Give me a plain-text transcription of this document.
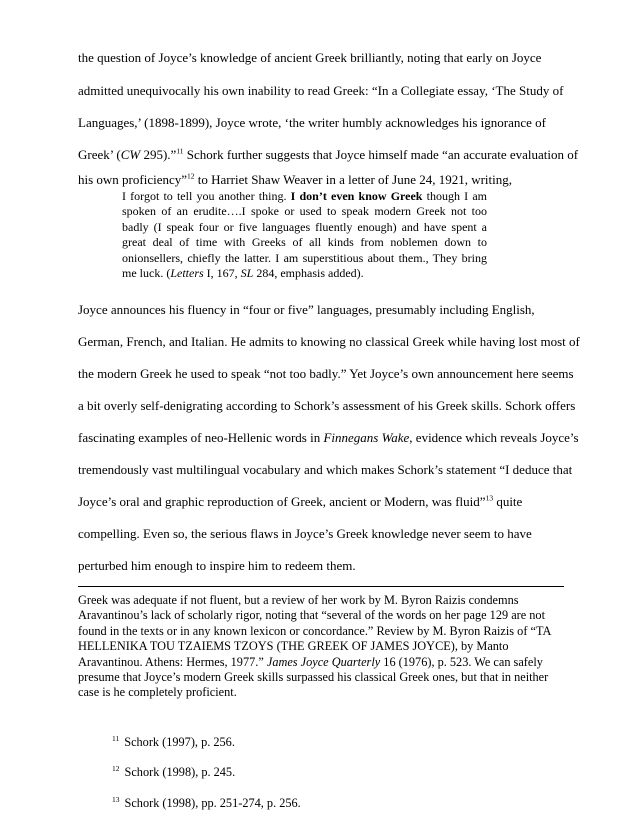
the question of Joyce’s knowledge of ancient Greek brilliantly, noting that early on Joyce
admitted unequivocally his own inability to read Greek: “In a Collegiate essay, ‘The Study of
Languages,’ (1898-1899), Joyce wrote, ‘the writer humbly acknowledges his ignorance of
Greek’ (CW 295).”$^{11}$ Schork further suggests that Joyce himself made “an accurate evaluation of
his own proficiency”$^{12}$ to Harriet Shaw Weaver in a letter of June 24, 1921, writing,

I forgot to tell you another thing. I don’t even know Greek though I am spoken of an erudite….I spoke or used to speak modern Greek not too badly (I speak four or five languages fluently enough) and have spent a great deal of time with Greeks of all kinds from noblemen down to onionsellers, chiefly the latter. I am superstitious about them., They bring me luck. (Letters I, 167, SL 284, emphasis added).

Joyce announces his fluency in “four or five” languages, presumably including English,
German, French, and Italian. He admits to knowing no classical Greek while having lost most of
the modern Greek he used to speak “not too badly.” Yet Joyce’s own announcement here seems
a bit overly self-denigrating according to Schork’s assessment of his Greek skills. Schork offers
fascinating examples of neo-Hellenic words in Finnegans Wake, evidence which reveals Joyce’s
tremendously vast multilingual vocabulary and which makes Schork’s statement “I deduce that
Joyce’s oral and graphic reproduction of Greek, ancient or Modern, was fluid”$^{13}$ quite
compelling. Even so, the serious flaws in Joyce’s Greek knowledge never seem to have
perturbed him enough to inspire him to redeem them.

Greek was adequate if not fluent, but a review of her work by M. Byron Raizis condemns Aravantinou’s lack of scholarly rigor, noting that “several of the words on her page 129 are not found in the texts or in any known lexicon or concordance.” Review by M. Byron Raizis of “TA HELLENIKA TOU TZAIEMS TZOYS (THE GREEK OF JAMES JOYCE), by Manto Aravantinou. Athens: Hermes, 1977.” James Joyce Quarterly 16 (1976), p. 523. We can safely presume that Joyce’s modern Greek skills surpassed his classical Greek ones, but that in neither case is he completely proficient.

$^{11}$ Schork (1997), p. 256.
$^{12}$ Schork (1998), p. 245.
$^{13}$ Schork (1998), pp. 251-274, p. 256.
